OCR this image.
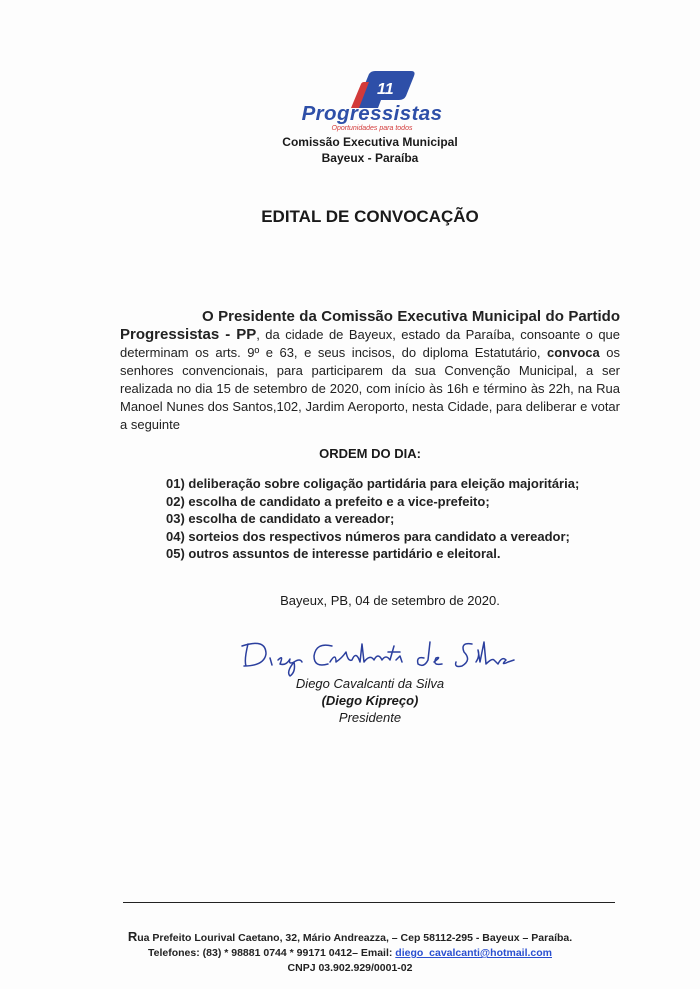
11
Progressistas
Oportunidades para todos
Comissão Executiva Municipal
Bayeux - Paraíba
EDITAL DE CONVOCAÇÃO
O Presidente da Comissão Executiva Municipal do Partido Progressistas - PP, da cidade de Bayeux, estado da Paraíba, consoante o que determinam os arts. 9º e 63, e seus incisos, do diploma Estatutário, convoca os senhores convencionais, para participarem da sua Convenção Municipal, a ser realizada no dia 15 de setembro de 2020, com início às 16h e término às 22h, na Rua Manoel Nunes dos Santos,102, Jardim Aeroporto, nesta Cidade, para deliberar e votar a seguinte
ORDEM DO DIA:
01) deliberação sobre coligação partidária para eleição majoritária;
02) escolha de candidato a prefeito e a vice-prefeito;
03) escolha de candidato a vereador;
04) sorteios dos respectivos números para candidato a vereador;
05) outros assuntos de interesse partidário e eleitoral.
Bayeux, PB, 04 de setembro de 2020.
Diego Cavalcanti da Silva
(Diego Kipreço)
Presidente
Rua Prefeito Lourival Caetano, 32, Mário Andreazza, – Cep 58112-295 - Bayeux – Paraíba.
Telefones: (83) * 98881 0744 * 99171 0412– Email: diego_cavalcanti@hotmail.com
CNPJ 03.902.929/0001-02
